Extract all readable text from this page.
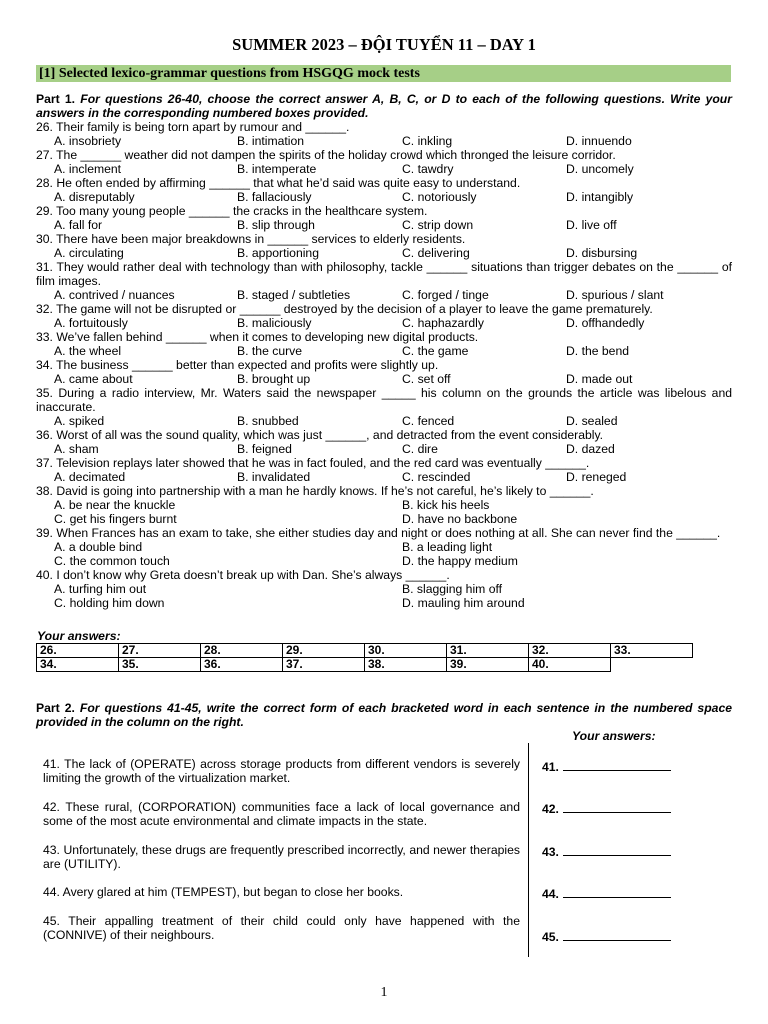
SUMMER 2023 – ĐỘI TUYỂN 11 – DAY 1
[1] Selected lexico-grammar questions from HSGQG mock tests
Part 1. For questions 26-40, choose the correct answer A, B, C, or D to each of the following questions. Write your answers in the corresponding numbered boxes provided.
26. Their family is being torn apart by rumour and ______.
A. insobriety	B. intimation	C. inkling	D. innuendo
27. The ______ weather did not dampen the spirits of the holiday crowd which thronged the leisure corridor.
A. inclement	B. intemperate	C. tawdry	D. uncomely
28. He often ended by affirming ______ that what he’d said was quite easy to understand.
A. disreputably	B. fallaciously	C. notoriously	D. intangibly
29. Too many young people ______ the cracks in the healthcare system.
A. fall for	B. slip through	C. strip down	D. live off
30. There have been major breakdowns in ______ services to elderly residents.
A. circulating	B. apportioning	C. delivering	D. disbursing
31. They would rather deal with technology than with philosophy, tackle ______ situations than trigger debates on the ______ of film images.
A. contrived / nuances	B. staged / subtleties	C. forged / tinge	D. spurious / slant
32. The game will not be disrupted or ______ destroyed by the decision of a player to leave the game prematurely.
A. fortuitously	B. maliciously	C. haphazardly	D. offhandedly
33. We’ve fallen behind ______ when it comes to developing new digital products.
A. the wheel	B. the curve	C. the game	D. the bend
34. The business ______ better than expected and profits were slightly up.
A. came about	B. brought up	C. set off	D. made out
35. During a radio interview, Mr. Waters said the newspaper _____ his column on the grounds the article was libelous and inaccurate.
A. spiked	B. snubbed	C. fenced	D. sealed
36. Worst of all was the sound quality, which was just ______, and detracted from the event considerably.
A. sham	B. feigned	C. dire	D. dazed
37. Television replays later showed that he was in fact fouled, and the red card was eventually ______.
A. decimated	B. invalidated	C. rescinded	D. reneged
38. David is going into partnership with a man he hardly knows. If he’s not careful, he’s likely to ______.
A. be near the knuckle	B. kick his heels
C. get his fingers burnt	D. have no backbone
39. When Frances has an exam to take, she either studies day and night or does nothing at all. She can never find the ______.
A. a double bind	B. a leading light
C. the common touch	D. the happy medium
40. I don’t know why Greta doesn’t break up with Dan. She’s always ______.
A. turfing him out	B. slagging him off
C. holding him down	D. mauling him around
Your answers:
26.	27.	28.	29.	30.	31.	32.	33.
34.	35.	36.	37.	38.	39.	40.	
Part 2. For questions 41-45, write the correct form of each bracketed word in each sentence in the numbered space provided in the column on the right.
Your answers:
41. The lack of (OPERATE) across storage products from different vendors is severely limiting the growth of the virtualization market.
41.
42. These rural, (CORPORATION) communities face a lack of local governance and some of the most acute environmental and climate impacts in the state.
42.
43. Unfortunately, these drugs are frequently prescribed incorrectly, and newer therapies are (UTILITY).
43.
44. Avery glared at him (TEMPEST), but began to close her books.	44.
45. Their appalling treatment of their child could only have happened with the (CONNIVE) of their neighbours.	45.
1
